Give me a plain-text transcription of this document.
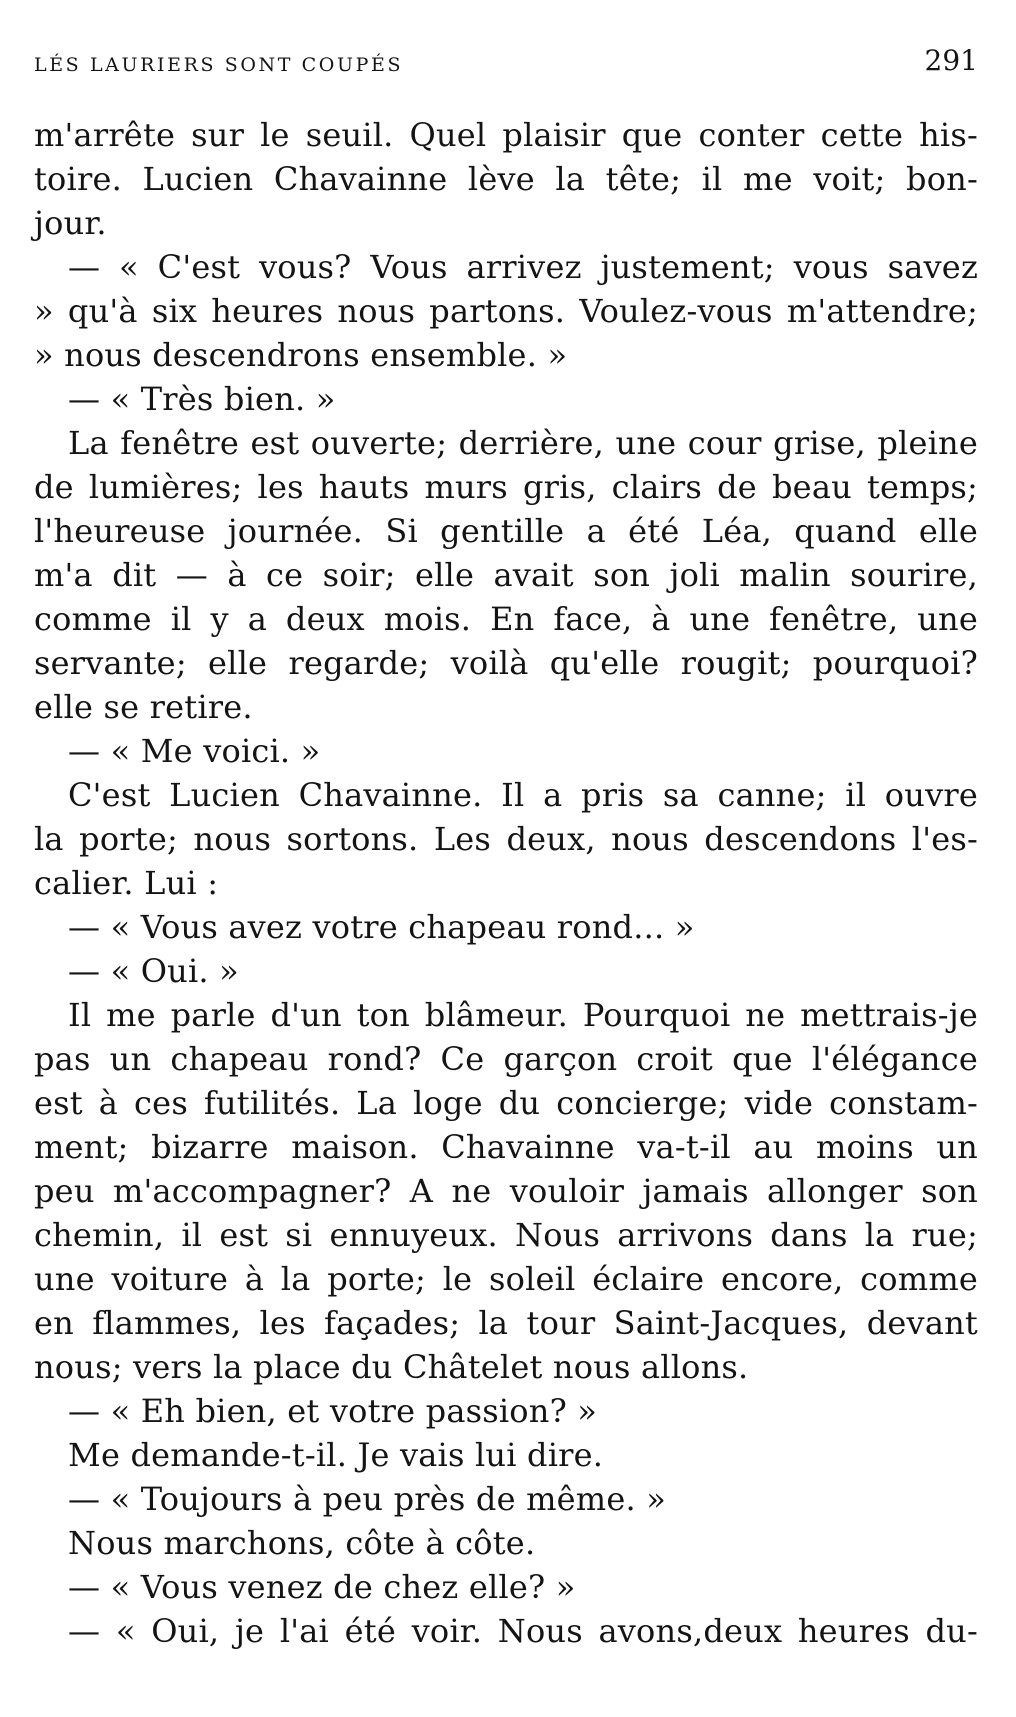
LÉS LAURIERS SONT COUPÉS	291
m'arrête sur le seuil. Quel plaisir que conter cette his-
toire. Lucien Chavainne lève la tête; il me voit; bon-
jour.
— « C'est vous? Vous arrivez justement; vous savez
» qu'à six heures nous partons. Voulez-vous m'attendre;
» nous descendrons ensemble. »
— « Très bien. »
La fenêtre est ouverte; derrière, une cour grise, pleine
de lumières; les hauts murs gris, clairs de beau temps;
l'heureuse journée. Si gentille a été Léa, quand elle
m'a dit — à ce soir; elle avait son joli malin sourire,
comme il y a deux mois. En face, à une fenêtre, une
servante; elle regarde; voilà qu'elle rougit; pourquoi?
elle se retire.
— « Me voici. »
C'est Lucien Chavainne. Il a pris sa canne; il ouvre
la porte; nous sortons. Les deux, nous descendons l'es-
calier. Lui :
— « Vous avez votre chapeau rond... »
— « Oui. »
Il me parle d'un ton blâmeur. Pourquoi ne mettrais-je
pas un chapeau rond? Ce garçon croit que l'élégance
est à ces futilités. La loge du concierge; vide constam-
ment; bizarre maison. Chavainne va-t-il au moins un
peu m'accompagner? A ne vouloir jamais allonger son
chemin, il est si ennuyeux. Nous arrivons dans la rue;
une voiture à la porte; le soleil éclaire encore, comme
en flammes, les façades; la tour Saint-Jacques, devant
nous; vers la place du Châtelet nous allons.
— « Eh bien, et votre passion? »
Me demande-t-il. Je vais lui dire.
— « Toujours à peu près de même. »
Nous marchons, côte à côte.
— « Vous venez de chez elle? »
— « Oui, je l'ai été voir. Nous avons,deux heures du-
